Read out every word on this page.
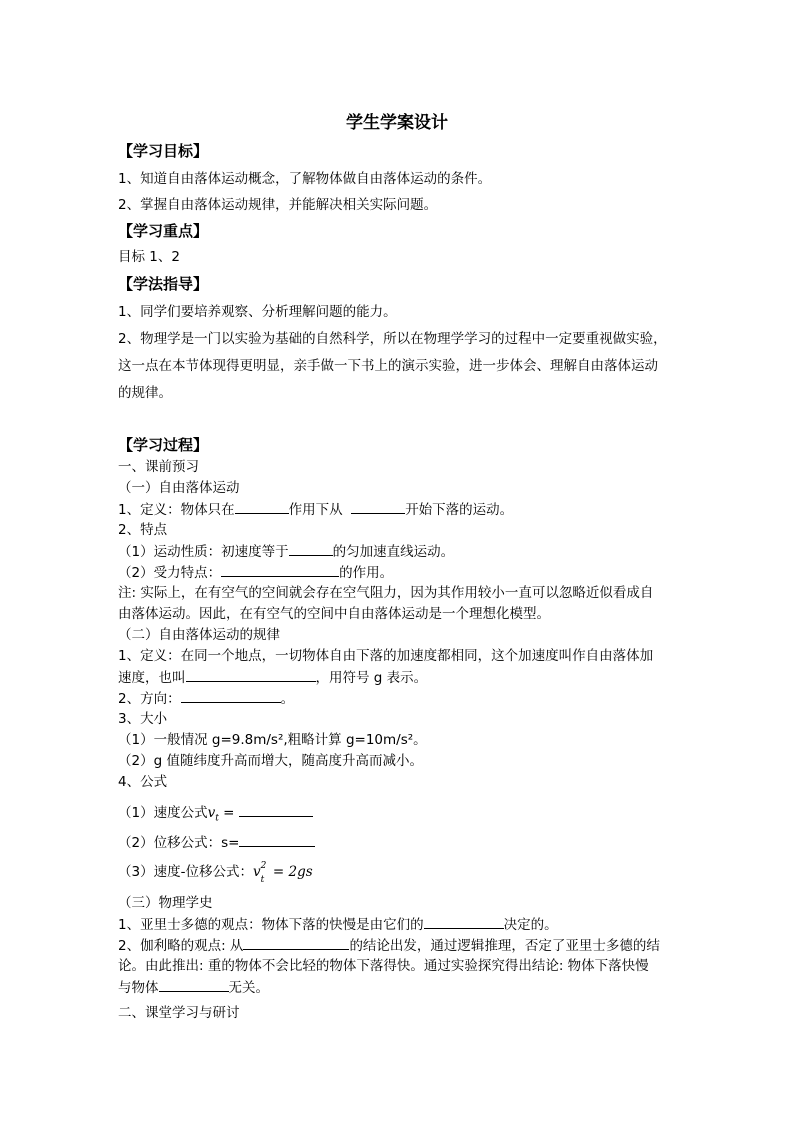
学生学案设计
【学习目标】
1、知道自由落体运动概念，了解物体做自由落体运动的条件。
2、掌握自由落体运动规律，并能解决相关实际问题。
【学习重点】
目标 1、2
【学法指导】
1、同学们要培养观察、分析理解问题的能力。
2、物理学是一门以实验为基础的自然科学，所以在物理学学习的过程中一定要重视做实验，
这一点在本节体现得更明显，亲手做一下书上的演示实验，进一步体会、理解自由落体运动
的规律。
【学习过程】
一、课前预习
（一）自由落体运动
1、定义：物体只在	作用下从	开始下落的运动。
2、特点
（1）运动性质：初速度等于	的匀加速直线运动。
（2）受力特点：	的作用。
注: 实际上，在有空气的空间就会存在空气阻力，因为其作用较小一直可以忽略近似看成自
由落体运动。因此，在有空气的空间中自由落体运动是一个理想化模型。
（二）自由落体运动的规律
1、定义：在同一个地点，一切物体自由下落的加速度都相同，这个加速度叫作自由落体加
速度，也叫	，用符号 g 表示。
2、方向：	。
3、大小
（1）一般情况 g=9.8m/s²,粗略计算 g=10m/s²。
（2）g 值随纬度升高而增大，随高度升高而减小。
4、公式
（1）速度公式$v_t$ =
（2）位移公式：s=
（3）速度-位移公式：v 2
t = 2gs
（三）物理学史
1、亚里士多德的观点：物体下落的快慢是由它们的	决定的。
2、伽利略的观点: 从	的结论出发，通过逻辑推理，否定了亚里士多德的结
论。由此推出: 重的物体不会比轻的物体下落得快。通过实验探究得出结论: 物体下落快慢
与物体	无关。
二、课堂学习与研讨
